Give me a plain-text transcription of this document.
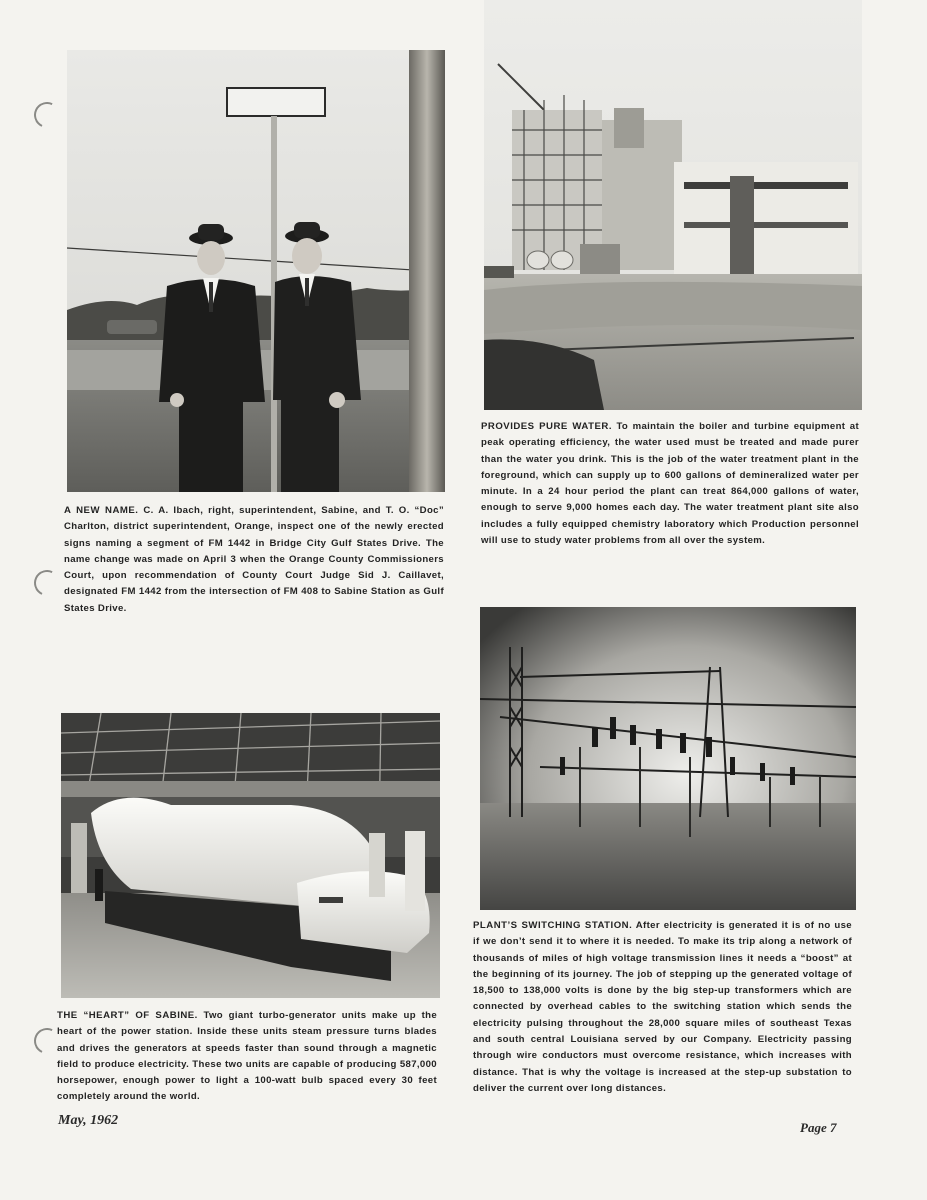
A NEW NAME. C. A. Ibach, right, superintendent, Sabine, and T. O. “Doc” Charlton, district superintendent, Orange, inspect one of the newly erected signs naming a segment of FM 1442 in Bridge City Gulf States Drive. The name change was made on April 3 when the Orange County Commissioners Court, upon recommendation of County Court Judge Sid J. Caillavet, designated FM 1442 from the intersection of FM 408 to Sabine Station as Gulf States Drive.

PROVIDES PURE WATER. To maintain the boiler and turbine equipment at peak operating efficiency, the water used must be treated and made purer than the water you drink. This is the job of the water treatment plant in the foreground, which can supply up to 600 gallons of demineralized water per minute. In a 24 hour period the plant can treat 864,000 gallons of water, enough to serve 9,000 homes each day. The water treatment plant site also includes a fully equipped chemistry laboratory which Production personnel will use to study water problems from all over the system.

THE “HEART” OF SABINE. Two giant turbo-generator units make up the heart of the power station. Inside these units steam pressure turns blades and drives the generators at speeds faster than sound through a magnetic field to produce electricity. These two units are capable of producing 587,000 horsepower, enough power to light a 100-watt bulb spaced every 30 feet completely around the world.

PLANT’S SWITCHING STATION. After electricity is generated it is of no use if we don’t send it to where it is needed. To make its trip along a network of thousands of miles of high voltage transmission lines it needs a “boost” at the beginning of its journey. The job of stepping up the generated voltage of 18,500 to 138,000 volts is done by the big step-up transformers which are connected by overhead cables to the switching station which sends the electricity pulsing throughout the 28,000 square miles of southeast Texas and south central Louisiana served by our Company. Electricity passing through wire conductors must overcome resistance, which increases with distance. That is why the voltage is increased at the step-up substation to deliver the current over long distances.

May, 1962	Page 7
